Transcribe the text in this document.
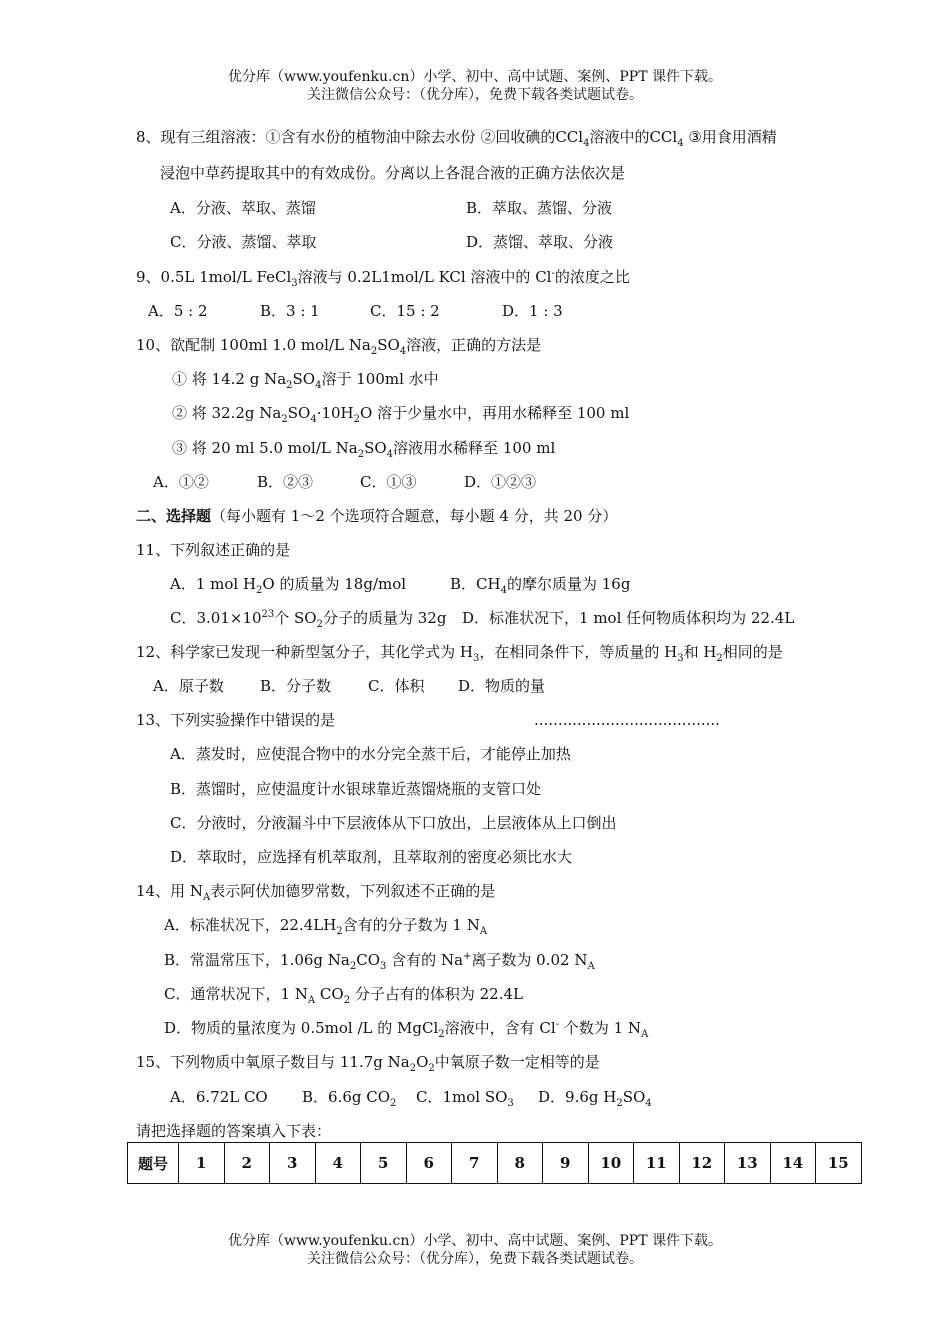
优分库（www.youfenku.cn）小学、初中、高中试题、案例、PPT 课件下载。
关注微信公众号：（优分库），免费下载各类试题试卷。
8、现有三组溶液：①含有水份的植物油中除去水份 ②回收碘的CCl$_4$溶液中的CCl$_4$ ③用食用酒精
浸泡中草药提取其中的有效成份。分离以上各混合液的正确方法依次是
A．分液、萃取、蒸馏	B．萃取、蒸馏、分液
C．分液、蒸馏、萃取	D．蒸馏、萃取、分液
9、0.5L 1mol/L FeCl$_3$溶液与 0.2L1mol/L KCl 溶液中的 Cl-的浓度之比
A．5 : 2	B．3 : 1	C．15 : 2	D．1 : 3
10、欲配制 100ml 1.0 mol/L $Na_2SO_4$溶液，正确的方法是
① 将 14.2 g $Na_2SO_4$溶于 100ml 水中
② 将 32.2g $Na_2SO_4\cdot 10H_2O$ 溶于少量水中，再用水稀释至 100 ml
③ 将 20 ml 5.0 mol/L $Na_2SO_4$溶液用水稀释至 100 ml
A．①②	B．②③	C．①③	D．①②③
二、选择题（每小题有 1～2 个选项符合题意，每小题 4 分，共 20 分）
11、下列叙述正确的是
A．1 mol $H_2O$ 的质量为 18g/mol	B．$CH_4$的摩尔质量为 16g
C．$3.01\times 10^{23}$个 $SO_2$分子的质量为 32g D．标准状况下，1 mol 任何物质体积均为 22.4L
12、科学家已发现一种新型氢分子，其化学式为 $H_3$，在相同条件下，等质量的 $H_3$和 $H_2$相同的是
A．原子数 B．分子数 C．体积 D．物质的量
13、下列实验操作中错误的是	.......................................
A．蒸发时，应使混合物中的水分完全蒸干后，才能停止加热
B．蒸馏时，应使温度计水银球靠近蒸馏烧瓶的支管口处
C．分液时，分液漏斗中下层液体从下口放出，上层液体从上口倒出
D．萃取时，应选择有机萃取剂，且萃取剂的密度必须比水大
14、用 $N_A$表示阿伏加德罗常数，下列叙述不正确的是
A．标准状况下，$22.4LH_2$含有的分子数为 1 $N_A$
B．常温常压下，1.06g $Na_2CO_3$ 含有的 Na+离子数为 0.02 $N_A$
C．通常状况下，1 $N_A$ $CO_2$ 分子占有的体积为 22.4L
D．物质的量浓度为 0.5mol /L 的 MgCl$_2$溶液中，含有 Cl- 个数为 1 $N_A$
15、下列物质中氧原子数目与 11.7g $Na_2O_2$中氧原子数一定相等的是
A．6.72L CO B．6.6g $CO_2$ C．1mol $SO_3$ D．9.6g $H_2SO_4$
请把选择题的答案填入下表：
题号	1	2	3	4	5	6	7	8	9	10	11	12	13	14	15
优分库（www.youfenku.cn）小学、初中、高中试题、案例、PPT 课件下载。
关注微信公众号：（优分库），免费下载各类试题试卷。
